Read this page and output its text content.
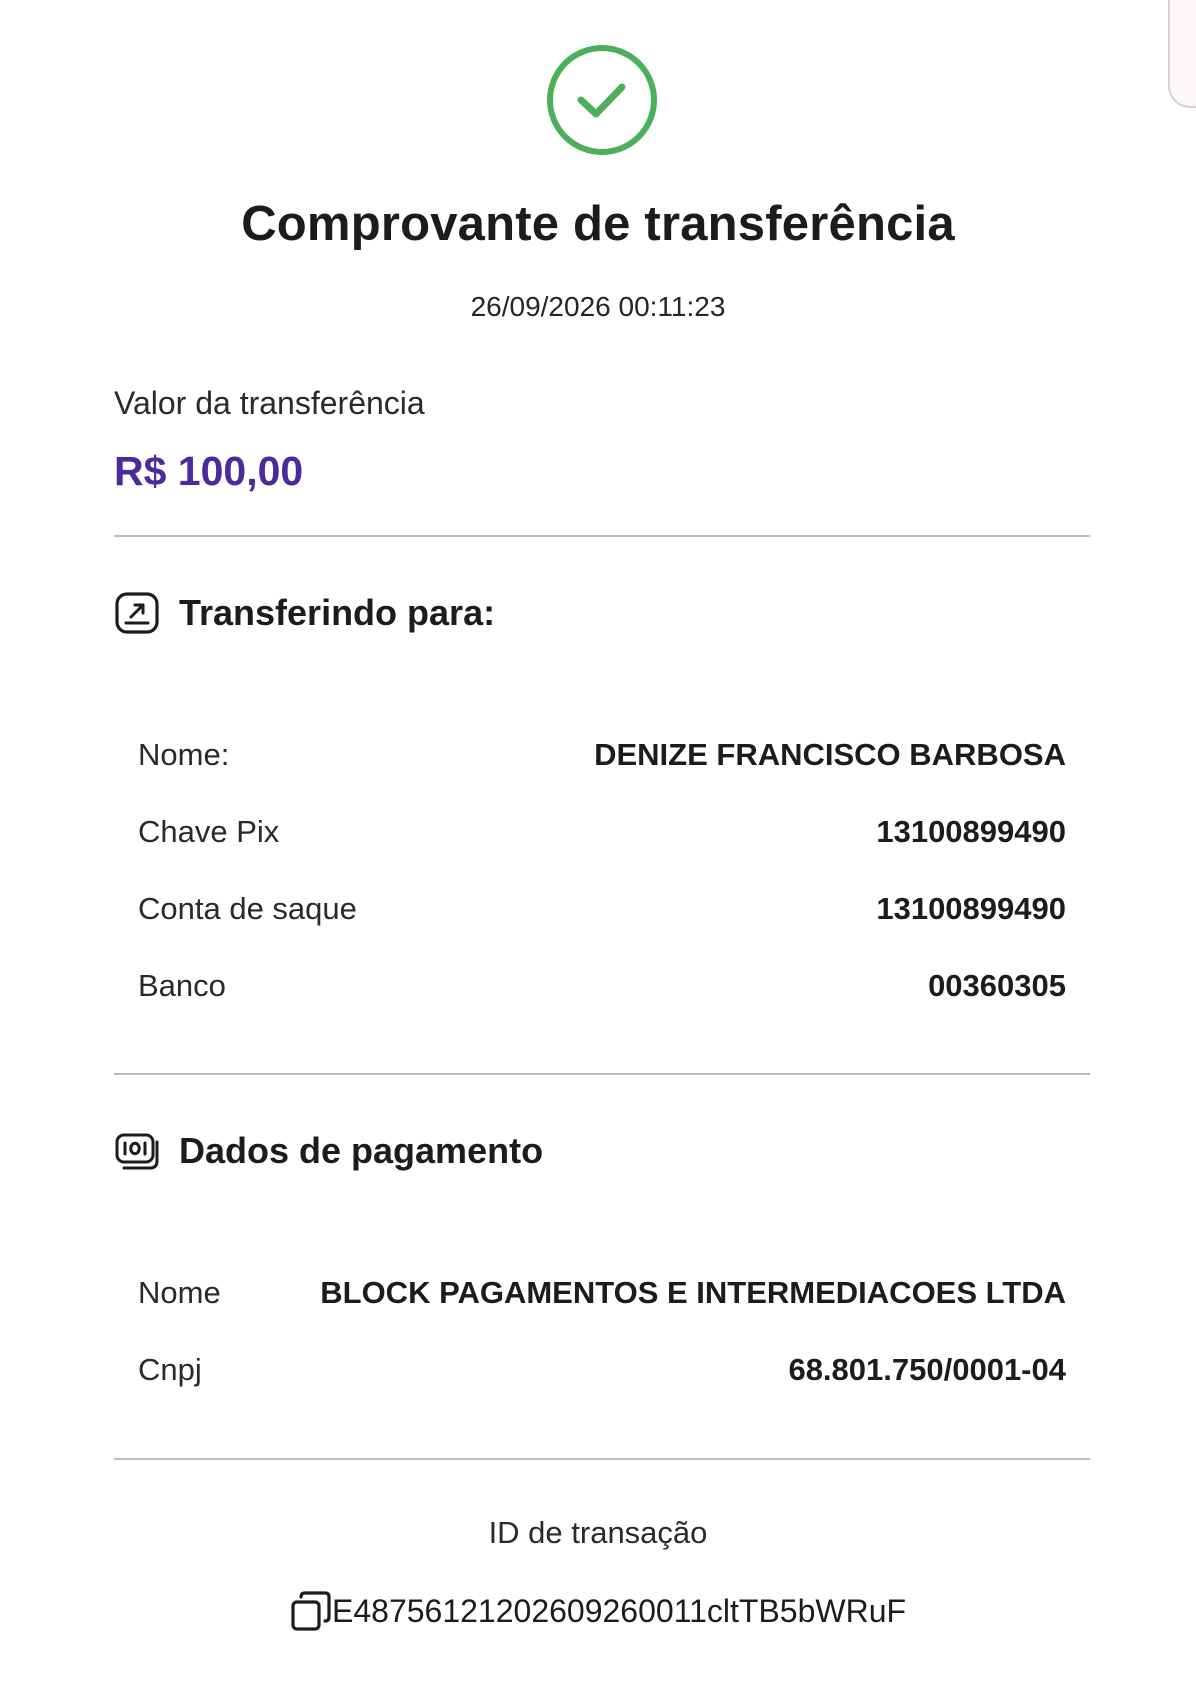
Comprovante de transferência
26/09/2026 00:11:23
Valor da transferência
R$ 100,00
Transferindo para:
Nome:	DENIZE FRANCISCO BARBOSA
Chave Pix	13100899490
Conta de saque	13100899490
Banco	00360305
Dados de pagamento
Nome	BLOCK PAGAMENTOS E INTERMEDIACOES LTDA
Cnpj	68.801.750/0001-04
ID de transação
E48756121202609260011cltTB5bWRuF
